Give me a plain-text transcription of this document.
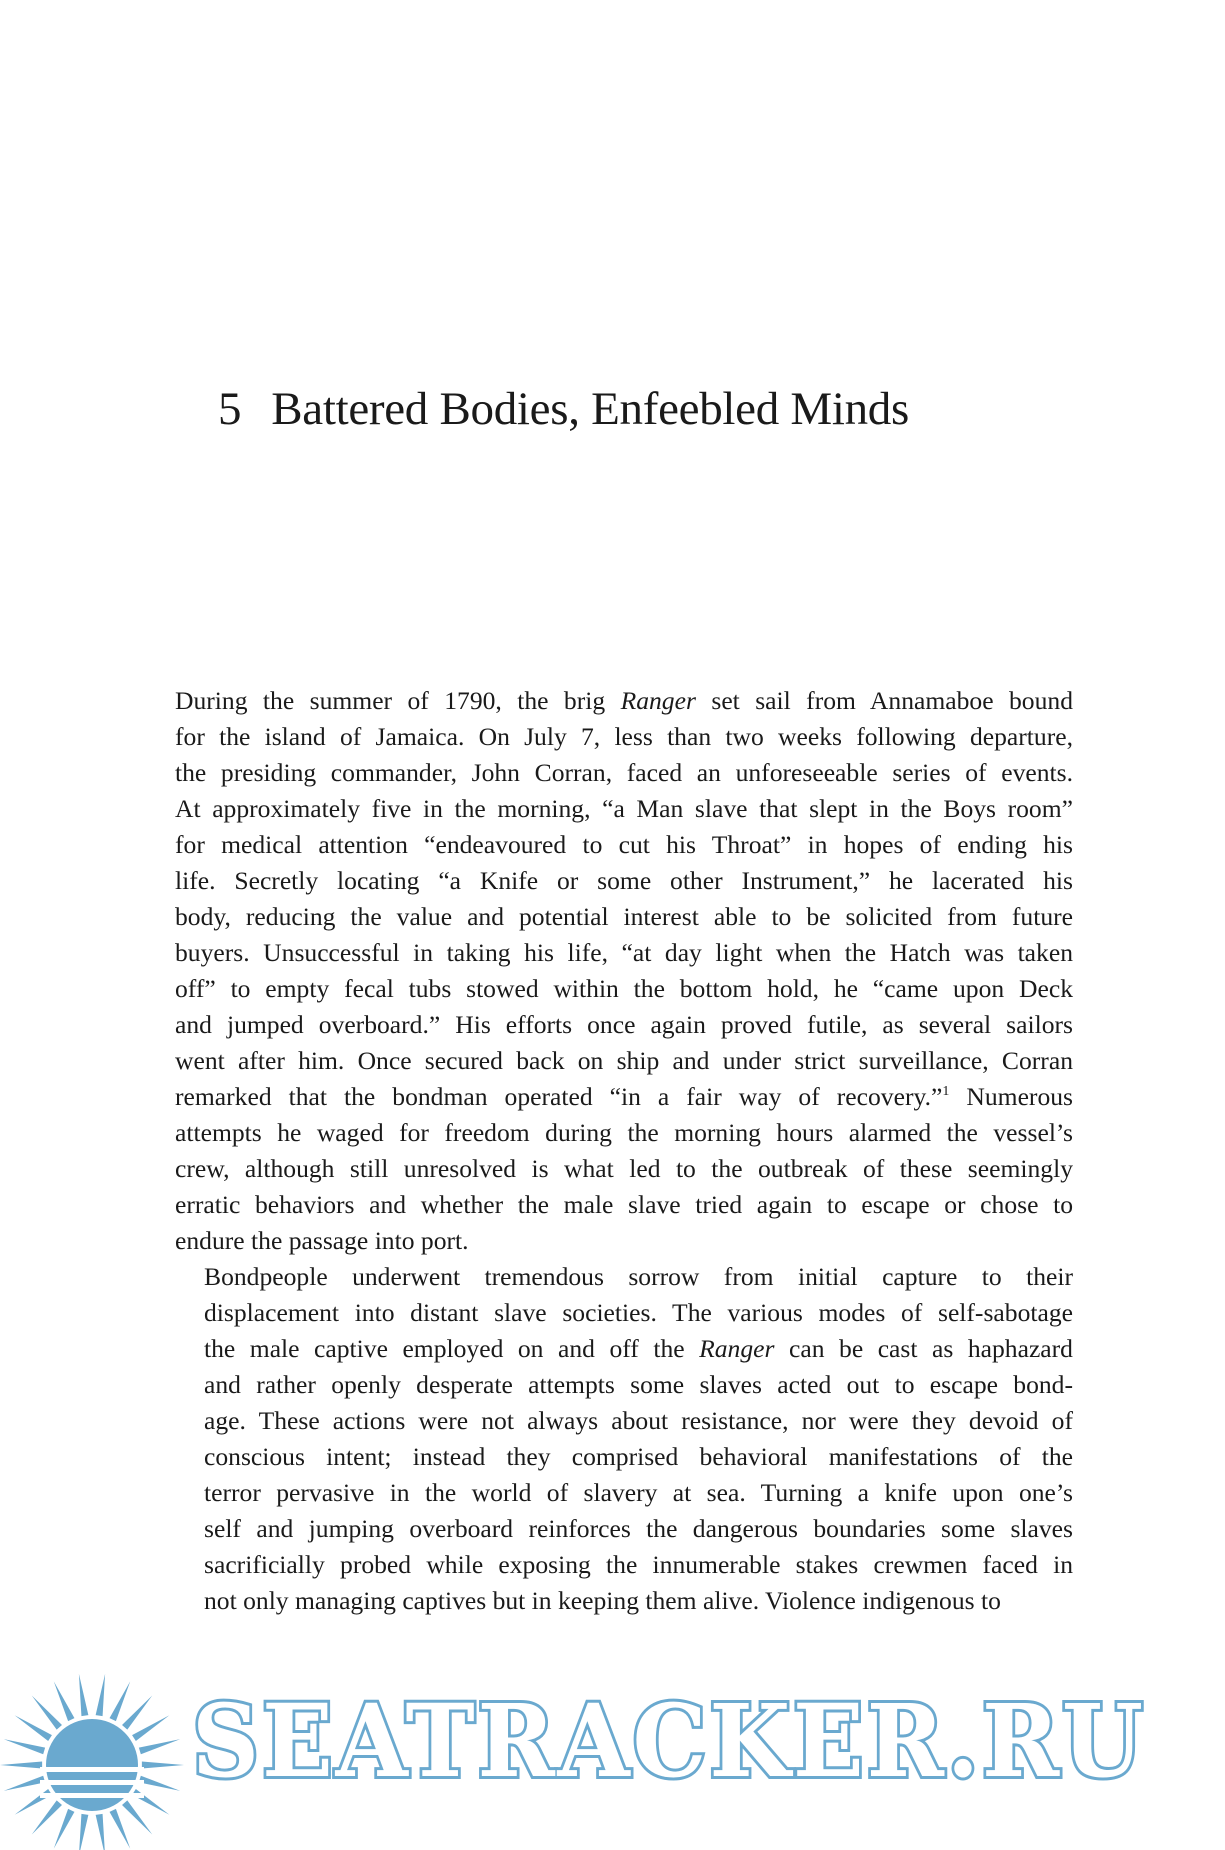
5 Battered Bodies, Enfeebled Minds

During the summer of 1790, the brig Ranger set sail from Annamaboe bound
for the island of Jamaica. On July 7, less than two weeks following departure,
the presiding commander, John Corran, faced an unforeseeable series of events.
At approximately five in the morning, “a Man slave that slept in the Boys room”
for medical attention “endeavoured to cut his Throat” in hopes of ending his
life. Secretly locating “a Knife or some other Instrument,” he lacerated his
body, reducing the value and potential interest able to be solicited from future
buyers. Unsuccessful in taking his life, “at day light when the Hatch was taken
off” to empty fecal tubs stowed within the bottom hold, he “came upon Deck
and jumped overboard.” His efforts once again proved futile, as several sailors
went after him. Once secured back on ship and under strict surveillance, Corran
remarked that the bondman operated “in a fair way of recovery.”$^1$ Numerous
attempts he waged for freedom during the morning hours alarmed the vessel’s
crew, although still unresolved is what led to the outbreak of these seemingly
erratic behaviors and whether the male slave tried again to escape or chose to
endure the passage into port.

Bondpeople underwent tremendous sorrow from initial capture to their
displacement into distant slave societies. The various modes of self-sabotage
the male captive employed on and off the Ranger can be cast as haphazard
and rather openly desperate attempts some slaves acted out to escape bond-
age. These actions were not always about resistance, nor were they devoid of
conscious intent; instead they comprised behavioral manifestations of the
terror pervasive in the world of slavery at sea. Turning a knife upon one’s
self and jumping overboard reinforces the dangerous boundaries some slaves
sacrificially probed while exposing the innumerable stakes crewmen faced in
not only managing captives but in keeping them alive. Violence indigenous to

SEATRACKER.RU
